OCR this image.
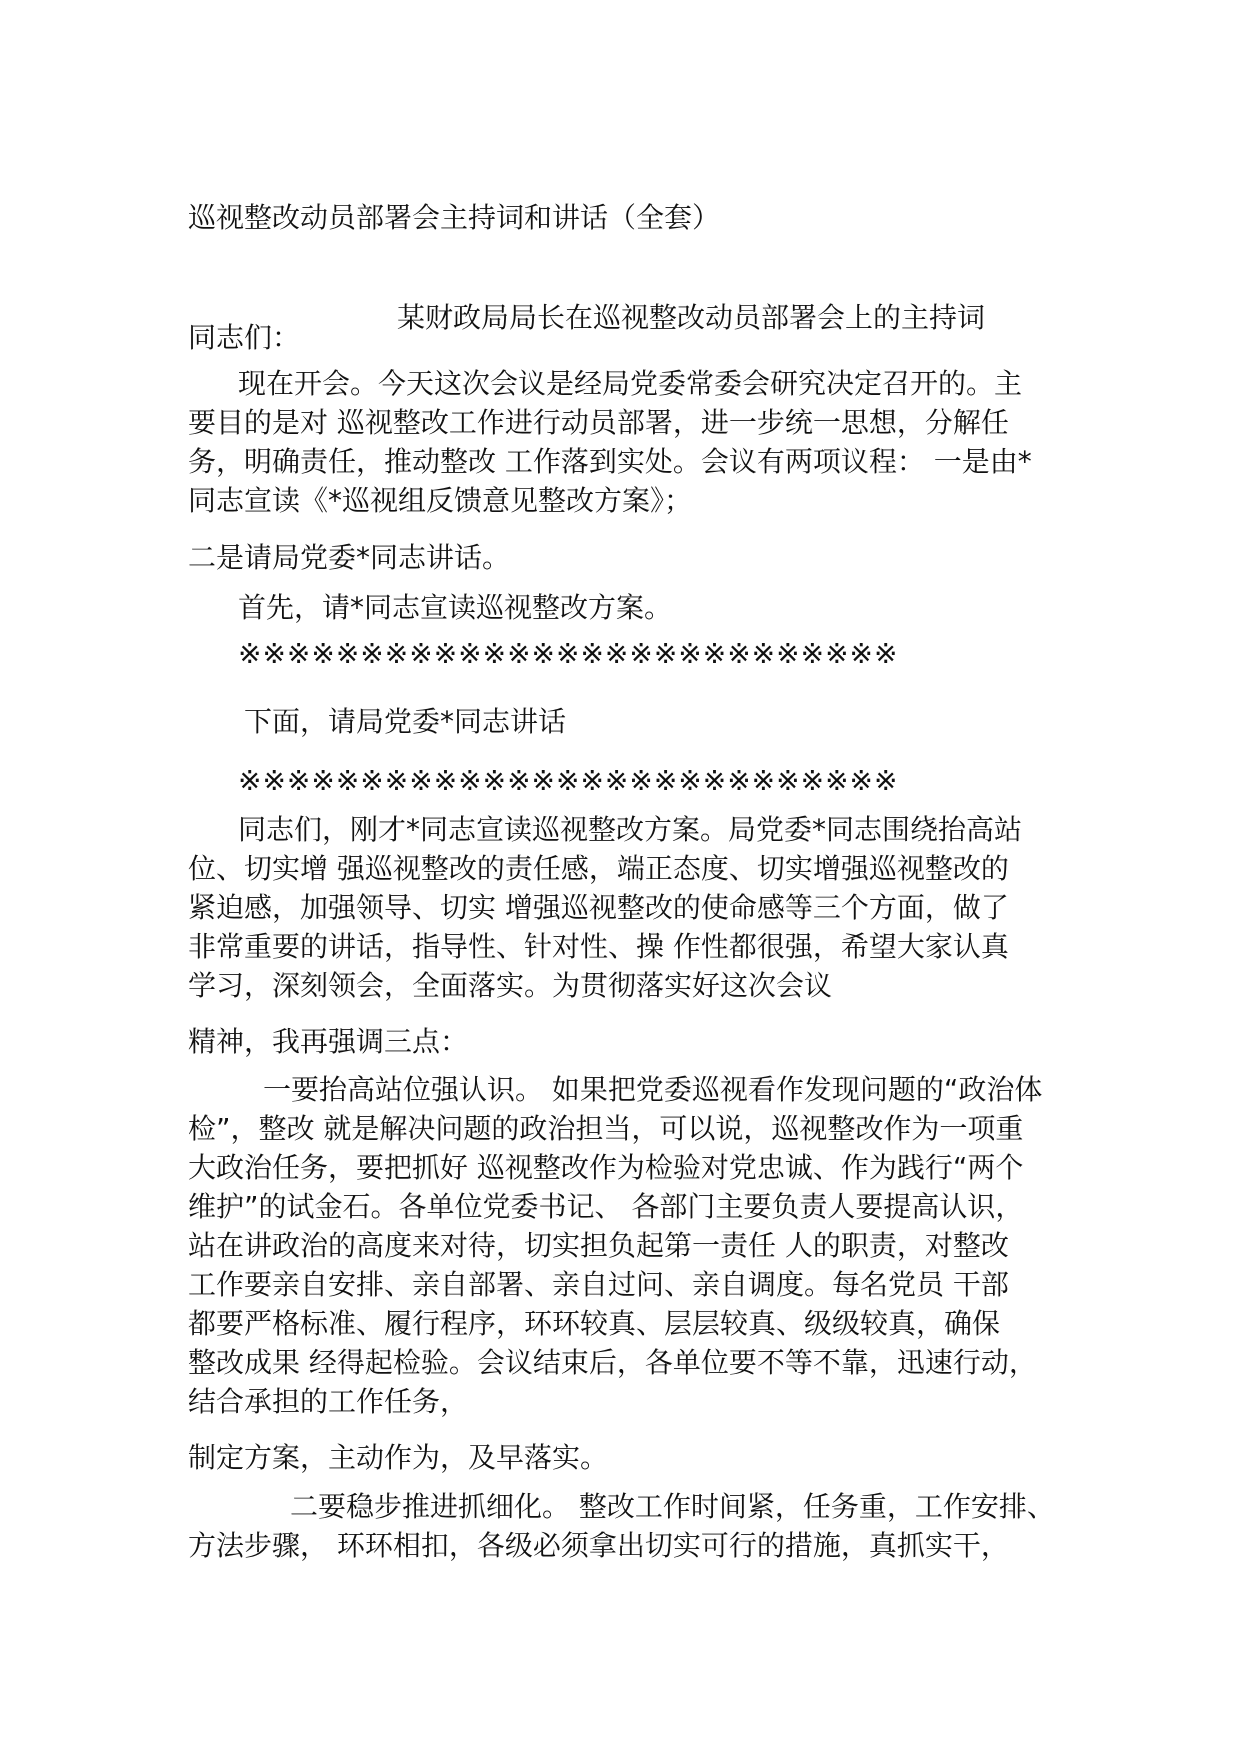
巡视整改动员部署会主持词和讲话（全套）
某财政局局长在巡视整改动员部署会上的主持词
同志们：
现在开会。今天这次会议是经局党委常委会研究决定召开的。主
要目的是对 巡视整改工作进行动员部署，进一步统一思想，分解任
务，明确责任，推动整改 工作落到实处。会议有两项议程： 一是由*
同志宣读《*巡视组反馈意见整改方案》；
二是请局党委*同志讲话。
首先，请*同志宣读巡视整改方案。
※※※※※※※※※※※※※※※※※※※※※※※※※※※
下面，请局党委*同志讲话
※※※※※※※※※※※※※※※※※※※※※※※※※※※
同志们，刚才*同志宣读巡视整改方案。局党委*同志围绕抬高站
位、切实增 强巡视整改的责任感，端正态度、切实增强巡视整改的
紧迫感，加强领导、切实 增强巡视整改的使命感等三个方面，做了
非常重要的讲话，指导性、针对性、操 作性都很强，希望大家认真
学习，深刻领会，全面落实。为贯彻落实好这次会议
精神，我再强调三点：
一要抬高站位强认识。 如果把党委巡视看作发现问题的“政治体
检”，整改 就是解决问题的政治担当，可以说，巡视整改作为一项重
大政治任务，要把抓好 巡视整改作为检验对党忠诚、作为践行“两个
维护”的试金石。各单位党委书记、 各部门主要负责人要提高认识，
站在讲政治的高度来对待，切实担负起第一责任 人的职责，对整改
工作要亲自安排、亲自部署、亲自过问、亲自调度。每名党员 干部
都要严格标准、履行程序，环环较真、层层较真、级级较真，确保
整改成果 经得起检验。会议结束后，各单位要不等不靠，迅速行动，
结合承担的工作任务，
制定方案，主动作为，及早落实。
二要稳步推进抓细化。 整改工作时间紧，任务重，工作安排、
方法步骤， 环环相扣，各级必须拿出切实可行的措施，真抓实干，
